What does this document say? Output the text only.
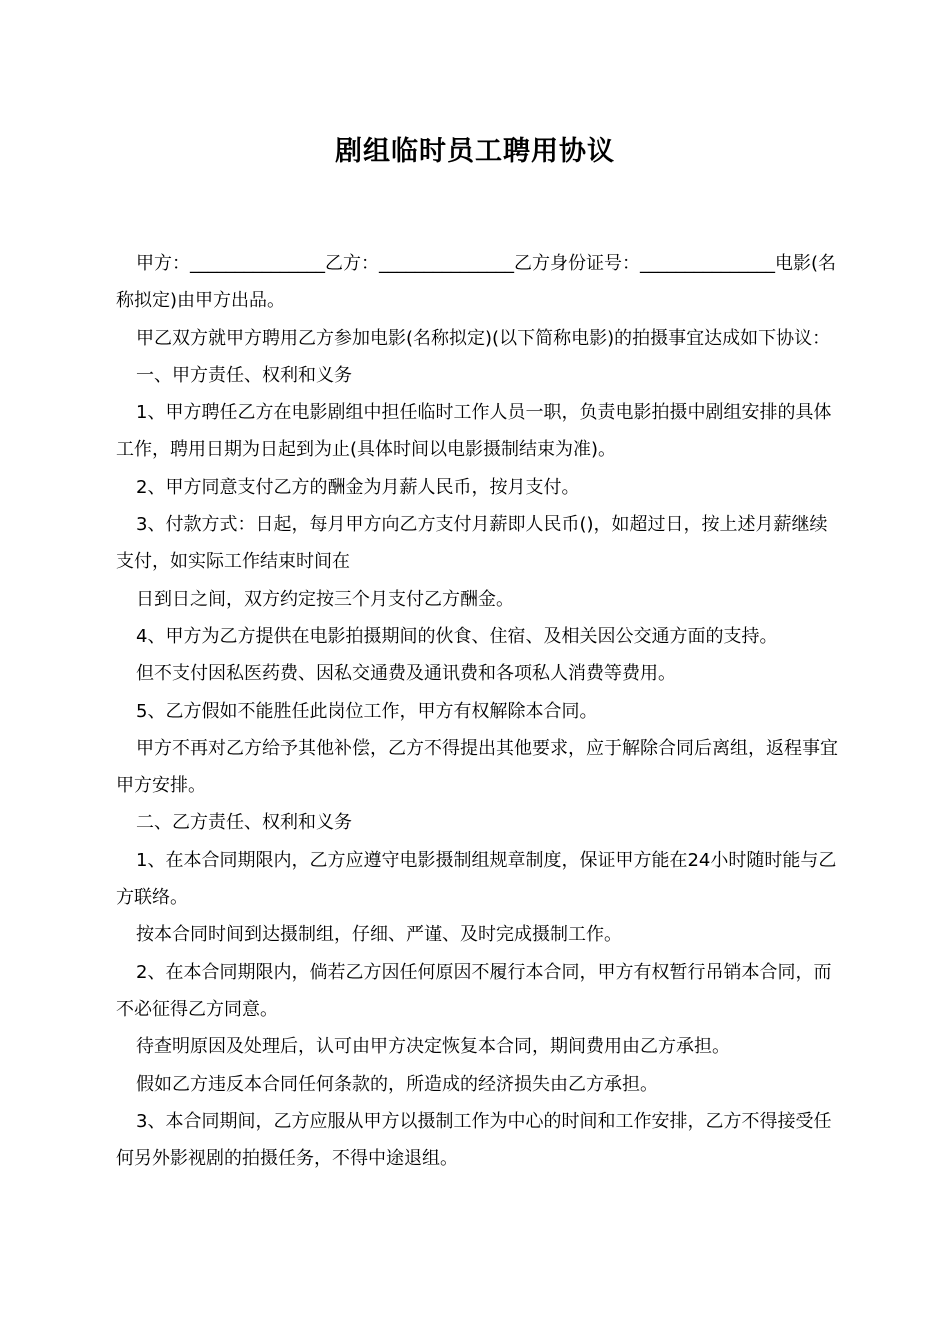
剧组临时员工聘用协议

甲方：_______________乙方：_______________乙方身份证号：_______________电影(名称拟定)由甲方出品。

甲乙双方就甲方聘用乙方参加电影(名称拟定)(以下简称电影)的拍摄事宜达成如下协议：

一、甲方责任、权利和义务

1、甲方聘任乙方在电影剧组中担任临时工作人员一职，负责电影拍摄中剧组安排的具体工作，聘用日期为日起到为止(具体时间以电影摄制结束为准)。

2、甲方同意支付乙方的酬金为月薪人民币，按月支付。

3、付款方式：日起，每月甲方向乙方支付月薪即人民币()，如超过日，按上述月薪继续支付，如实际工作结束时间在

日到日之间，双方约定按三个月支付乙方酬金。

4、甲方为乙方提供在电影拍摄期间的伙食、住宿、及相关因公交通方面的支持。

但不支付因私医药费、因私交通费及通讯费和各项私人消费等费用。

5、乙方假如不能胜任此岗位工作，甲方有权解除本合同。

甲方不再对乙方给予其他补偿，乙方不得提出其他要求，应于解除合同后离组，返程事宜甲方安排。

二、乙方责任、权利和义务

1、在本合同期限内，乙方应遵守电影摄制组规章制度，保证甲方能在24小时随时能与乙方联络。

按本合同时间到达摄制组，仔细、严谨、及时完成摄制工作。

2、在本合同期限内，倘若乙方因任何原因不履行本合同，甲方有权暂行吊销本合同，而不必征得乙方同意。

待查明原因及处理后，认可由甲方决定恢复本合同，期间费用由乙方承担。

假如乙方违反本合同任何条款的，所造成的经济损失由乙方承担。

3、本合同期间，乙方应服从甲方以摄制工作为中心的时间和工作安排，乙方不得接受任何另外影视剧的拍摄任务，不得中途退组。
